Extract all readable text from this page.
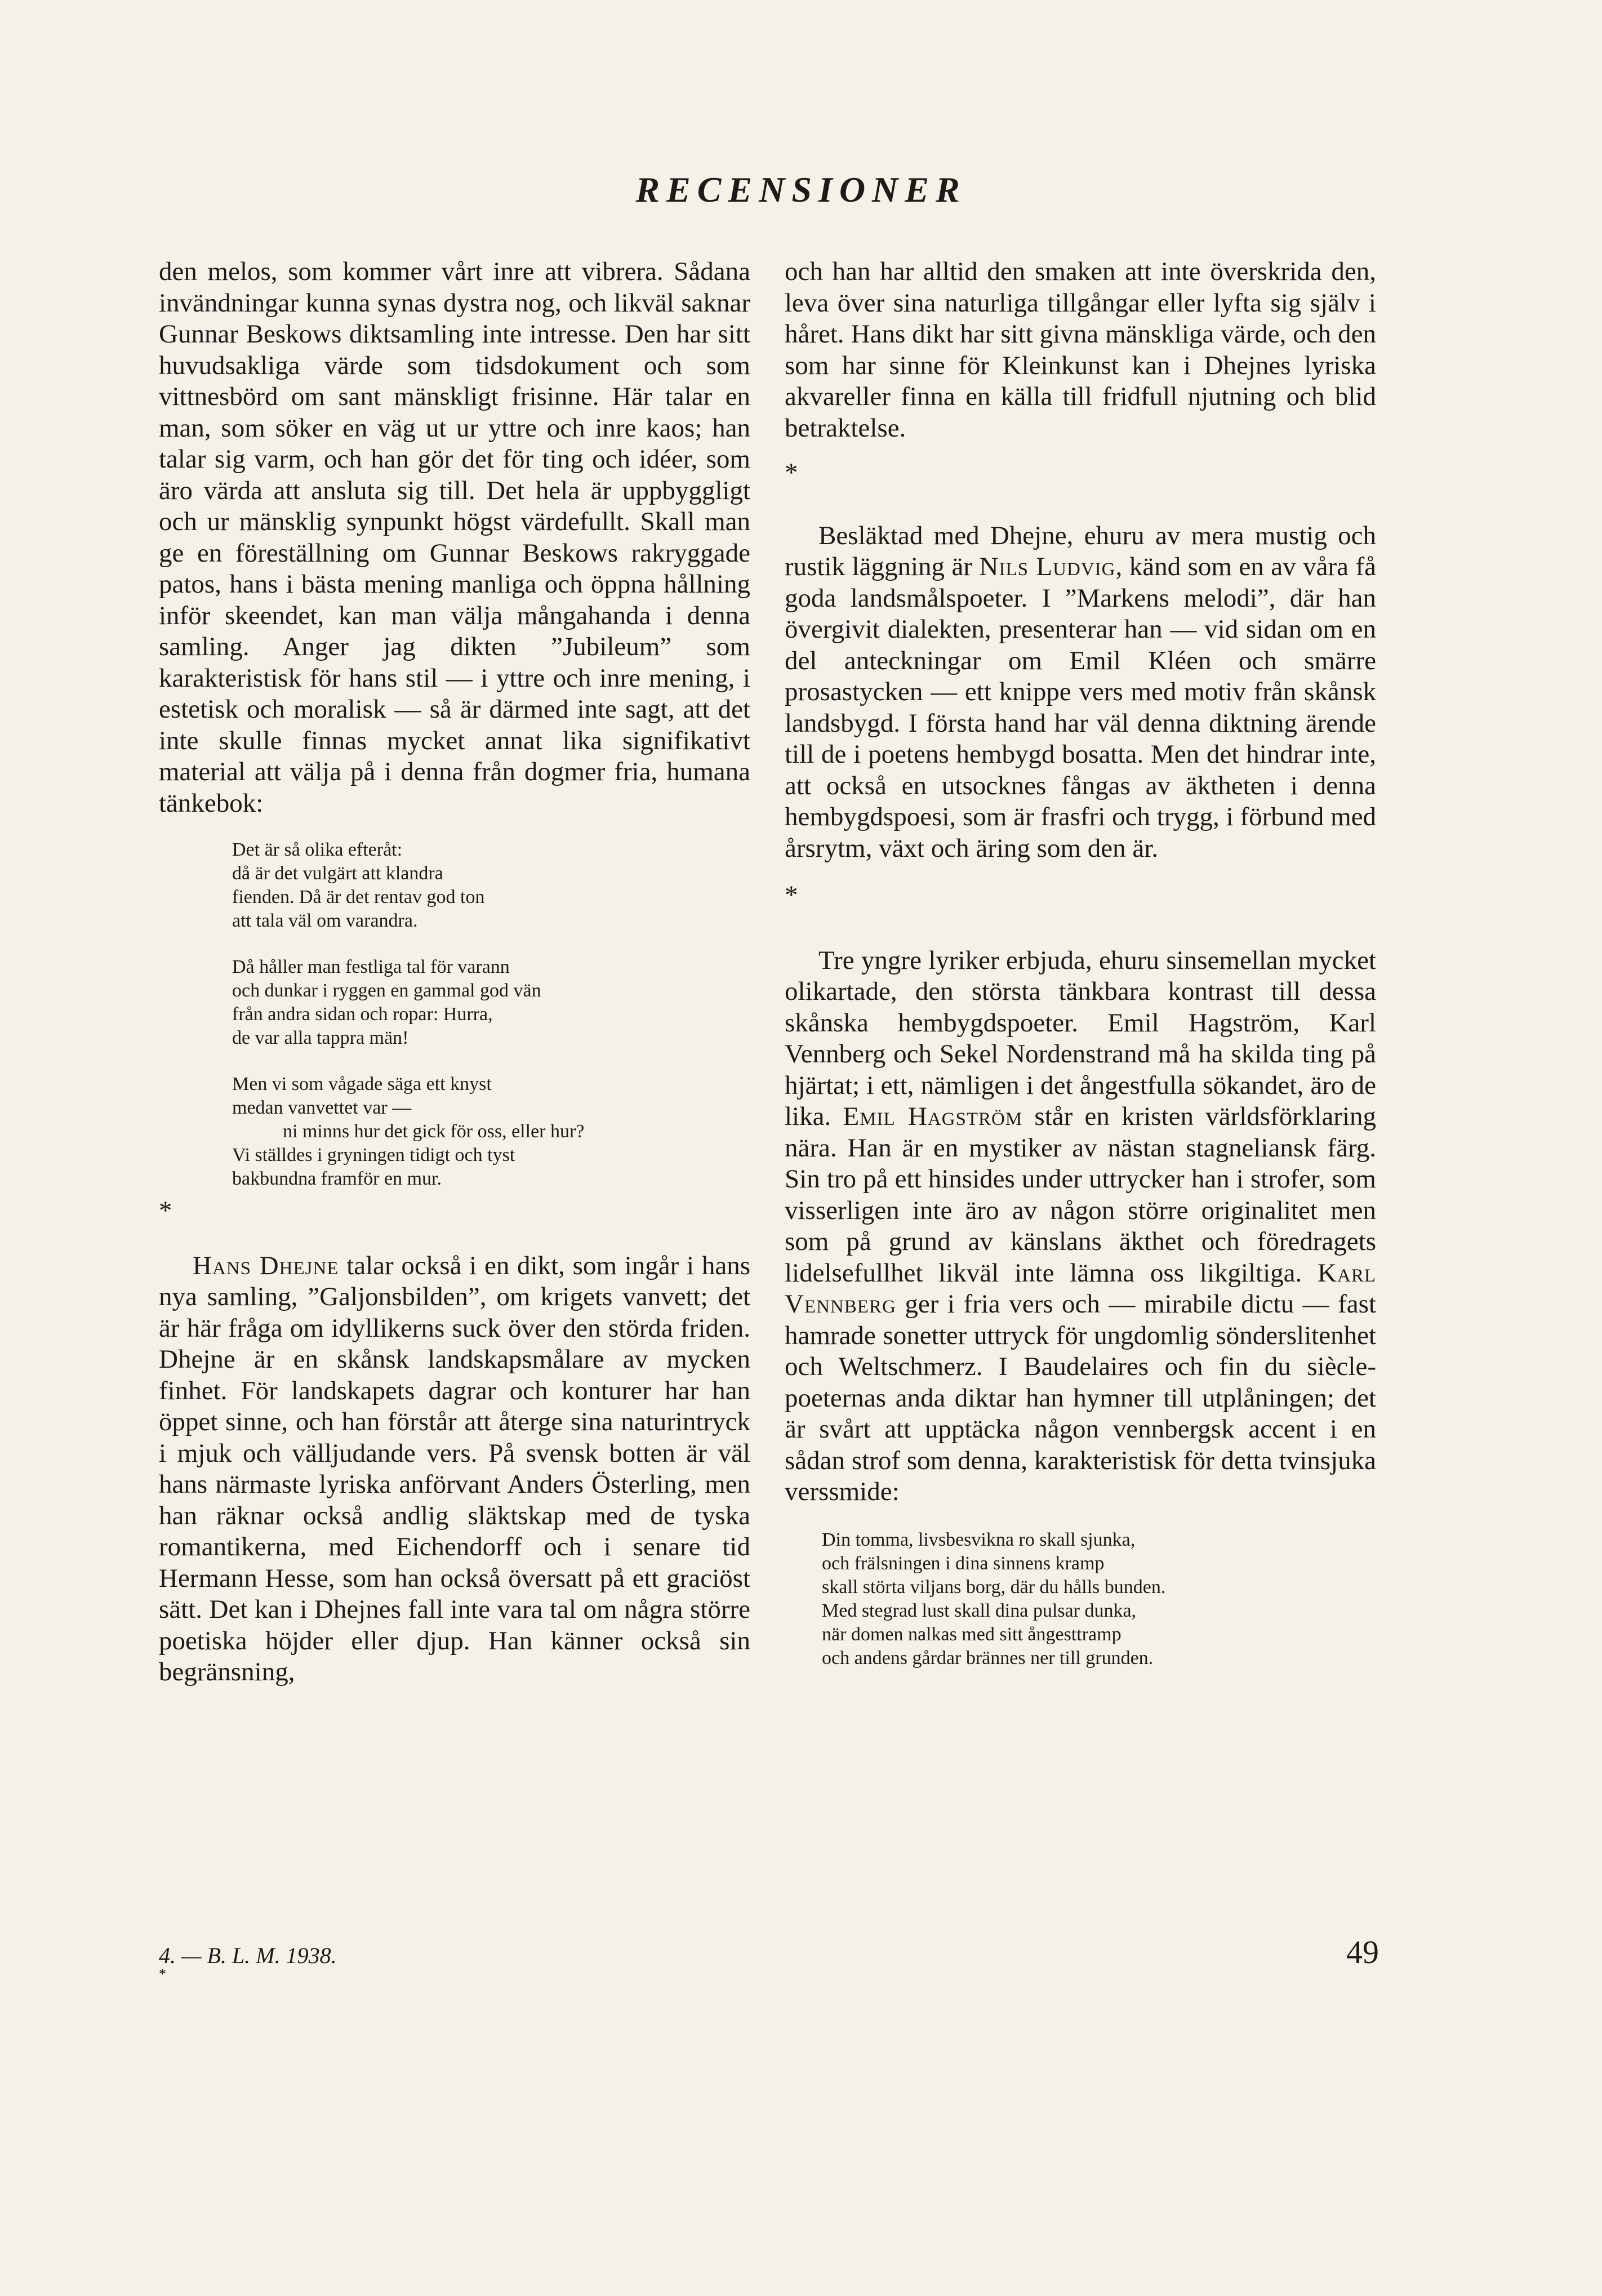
RECENSIONER

den melos, som kommer vårt inre att vibrera. Sådana invändningar kunna synas dystra nog, och likväl saknar Gunnar Beskows diktsamling inte intresse. Den har sitt huvudsakliga värde som tidsdokument och som vittnesbörd om sant mänskligt frisinne. Här talar en man, som söker en väg ut ur yttre och inre kaos; han talar sig varm, och han gör det för ting och idéer, som äro värda att ansluta sig till. Det hela är uppbyggligt och ur mänsklig synpunkt högst värdefullt. Skall man ge en föreställning om Gunnar Beskows rakryggade patos, hans i bästa mening manliga och öppna hållning inför skeendet, kan man välja mångahanda i denna samling. Anger jag dikten ”Jubileum” som karakteristisk för hans stil — i yttre och inre mening, i estetisk och moralisk — så är därmed inte sagt, att det inte skulle finnas mycket annat lika signifikativt material att välja på i denna från dogmer fria, humana tänkebok:

Det är så olika efteråt:
då är det vulgärt att klandra
fienden. Då är det rentav god ton
att tala väl om varandra.
Då håller man festliga tal för varann
och dunkar i ryggen en gammal god vän
från andra sidan och ropar: Hurra,
de var alla tappra män!
Men vi som vågade säga ett knyst
medan vanvettet var —
ni minns hur det gick för oss, eller hur?
Vi ställdes i gryningen tidigt och tyst
bakbundna framför en mur.

*

Hans Dhejne talar också i en dikt, som ingår i hans nya samling, ”Galjonsbilden”, om krigets vanvett; det är här fråga om idyllikerns suck över den störda friden. Dhejne är en skånsk landskapsmålare av mycken finhet. För landskapets dagrar och konturer har han öppet sinne, och han förstår att återge sina naturintryck i mjuk och välljudande vers. På svensk botten är väl hans närmaste lyriska anförvant Anders Österling, men han räknar också andlig släktskap med de tyska romantikerna, med Eichendorff och i senare tid Hermann Hesse, som han också översatt på ett graciöst sätt. Det kan i Dhejnes fall inte vara tal om några större poetiska höjder eller djup. Han känner också sin begränsning,

och han har alltid den smaken att inte överskrida den, leva över sina naturliga tillgångar eller lyfta sig själv i håret. Hans dikt har sitt givna mänskliga värde, och den som har sinne för Kleinkunst kan i Dhejnes lyriska akvareller finna en källa till fridfull njutning och blid betraktelse.

*

Besläktad med Dhejne, ehuru av mera mustig och rustik läggning är Nils Ludvig, känd som en av våra få goda landsmålspoeter. I ”Markens melodi”, där han övergivit dialekten, presenterar han — vid sidan om en del anteckningar om Emil Kléen och smärre prosastycken — ett knippe vers med motiv från skånsk landsbygd. I första hand har väl denna diktning ärende till de i poetens hembygd bosatta. Men det hindrar inte, att också en utsocknes fångas av äktheten i denna hembygdspoesi, som är frasfri och trygg, i förbund med årsrytm, växt och äring som den är.

*

Tre yngre lyriker erbjuda, ehuru sinsemellan mycket olikartade, den största tänkbara kontrast till dessa skånska hembygdspoeter. Emil Hagström, Karl Vennberg och Sekel Nordenstrand må ha skilda ting på hjärtat; i ett, nämligen i det ångestfulla sökandet, äro de lika. Emil Hagström står en kristen världsförklaring nära. Han är en mystiker av nästan stagneliansk färg. Sin tro på ett hinsides under uttrycker han i strofer, som visserligen inte äro av någon större originalitet men som på grund av känslans äkthet och föredragets lidelsefullhet likväl inte lämna oss likgiltiga. Karl Vennberg ger i fria vers och — mirabile dictu — fast hamrade sonetter uttryck för ungdomlig sönderslitenhet och Weltschmerz. I Baudelaires och fin du siècle-poeternas anda diktar han hymner till utplåningen; det är svårt att upptäcka någon vennbergsk accent i en sådan strof som denna, karakteristisk för detta tvinsjuka verssmide:

Din tomma, livsbesvikna ro skall sjunka,
och frälsningen i dina sinnens kramp
skall störta viljans borg, där du hålls bunden.
Med stegrad lust skall dina pulsar dunka,
när domen nalkas med sitt ångesttramp
och andens gårdar brännes ner till grunden.
4. — B. L. M. 1938.
*
49
